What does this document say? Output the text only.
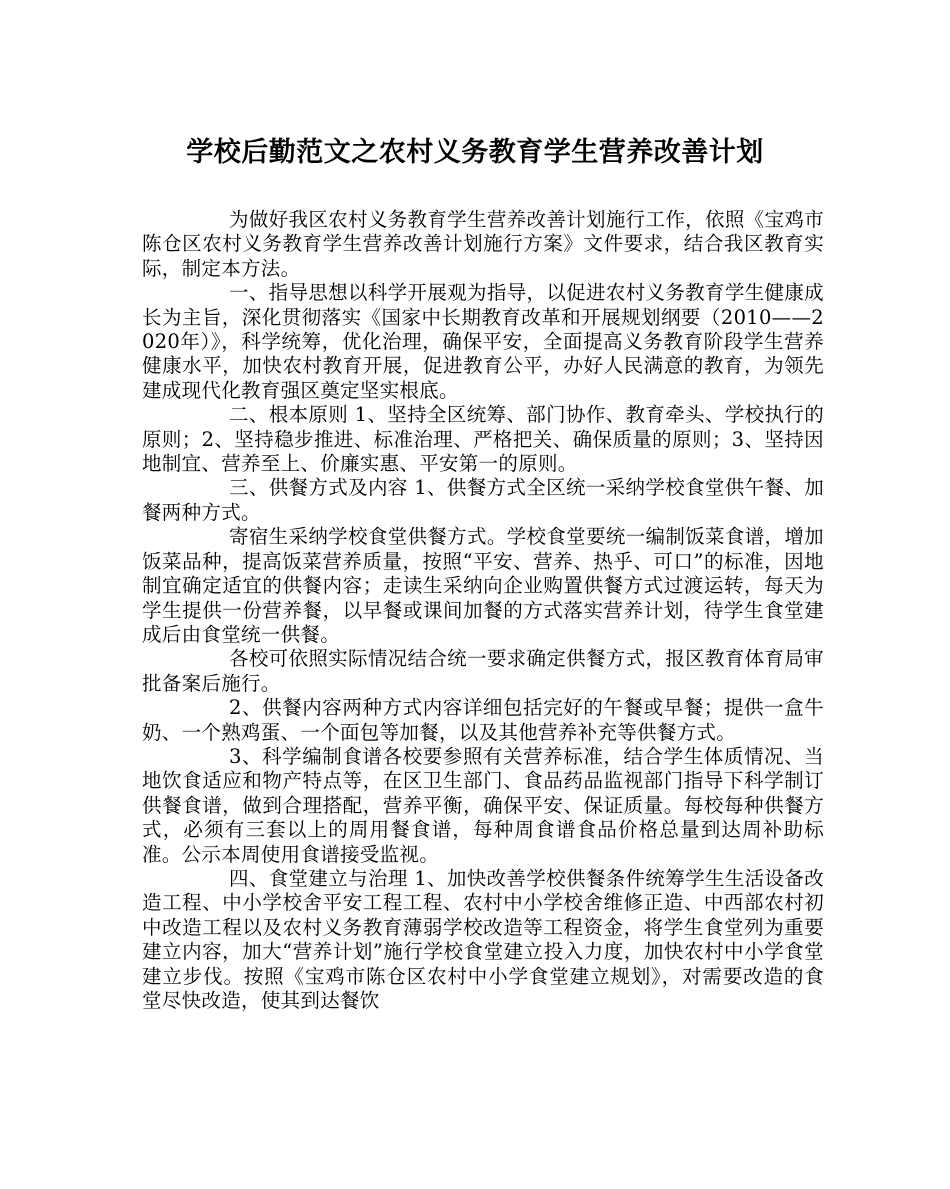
学校后勤范文之农村义务教育学生营养改善计划

为做好我区农村义务教育学生营养改善计划施行工作，依照《宝鸡市陈仓区农村义务教育学生营养改善计划施行方案》文件要求，结合我区教育实际，制定本方法。

一、指导思想以科学开展观为指导，以促进农村义务教育学生健康成长为主旨，深化贯彻落实《国家中长期教育改革和开展规划纲要（2010——2020年）》，科学统筹，优化治理，确保平安，全面提高义务教育阶段学生营养健康水平，加快农村教育开展，促进教育公平，办好人民满意的教育，为领先建成现代化教育强区奠定坚实根底。

二、根本原则 1、坚持全区统筹、部门协作、教育牵头、学校执行的原则；2、坚持稳步推进、标准治理、严格把关、确保质量的原则；3、坚持因地制宜、营养至上、价廉实惠、平安第一的原则。

三、供餐方式及内容 1、供餐方式全区统一采纳学校食堂供午餐、加餐两种方式。

寄宿生采纳学校食堂供餐方式。学校食堂要统一编制饭菜食谱，增加饭菜品种，提高饭菜营养质量，按照“平安、营养、热乎、可口”的标准，因地制宜确定适宜的供餐内容；走读生采纳向企业购置供餐方式过渡运转，每天为学生提供一份营养餐，以早餐或课间加餐的方式落实营养计划，待学生食堂建成后由食堂统一供餐。

各校可依照实际情况结合统一要求确定供餐方式，报区教育体育局审批备案后施行。

2、供餐内容两种方式内容详细包括完好的午餐或早餐；提供一盒牛奶、一个熟鸡蛋、一个面包等加餐，以及其他营养补充等供餐方式。

3、科学编制食谱各校要参照有关营养标准，结合学生体质情况、当地饮食适应和物产特点等，在区卫生部门、食品药品监视部门指导下科学制订供餐食谱，做到合理搭配，营养平衡，确保平安、保证质量。每校每种供餐方式，必须有三套以上的周用餐食谱，每种周食谱食品价格总量到达周补助标准。公示本周使用食谱接受监视。

四、食堂建立与治理 1、加快改善学校供餐条件统筹学生生活设备改造工程、中小学校舍平安工程工程、农村中小学校舍维修正造、中西部农村初中改造工程以及农村义务教育薄弱学校改造等工程资金，将学生食堂列为重要建立内容，加大“营养计划”施行学校食堂建立投入力度，加快农村中小学食堂建立步伐。按照《宝鸡市陈仓区农村中小学食堂建立规划》，对需要改造的食堂尽快改造，使其到达餐饮
